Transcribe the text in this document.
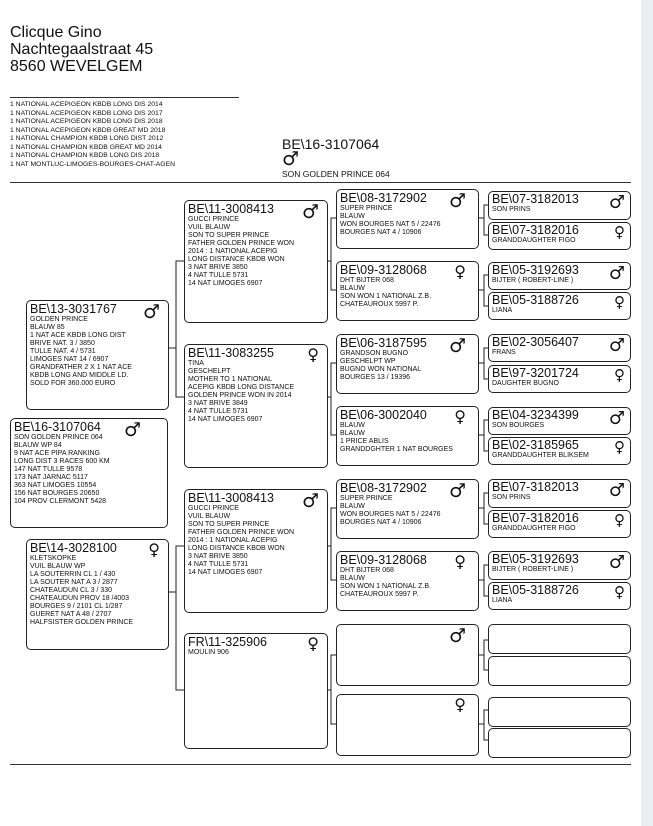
Clicque Gino
Nachtegaalstraat 45
8560 WEVELGEM
1 NATIONAL ACEPIGEON KBDB LONG DIS 2014
1 NATIONAL ACEPIGEON KBDB LONG DIS 2017
1 NATIONAL ACEPIGEON KBDB LONG DIS 2018
1 NATIONAL ACEPIGEON KBDB GREAT MD 2018
1 NATIONAL CHAMPION KBDB LONG DIST 2012
1 NATIONAL CHAMPION KBDB GREAT MD 2014
1 NATIONAL CHAMPION KBDB LONG DIS 2018
1 NAT MONTLUC-LIMOGES-BOURGES-CHAT-AGEN
BE\16-3107064
♂
SON GOLDEN PRINCE 064
BE\13-3031767
GOLDEN PRINCE
BLAUW 85
1 NAT ACE KBDB LONG DIST
BRIVE NAT. 3 / 3850
TULLE NAT. 4 / 5731
LIMOGES NAT 14 / 6907
GRANDFATHER 2 X 1 NAT ACE
KBDB LONG AND MIDDLE LD.
SOLD FOR 360.000 EURO
♂
BE\16-3107064
SON GOLDEN PRINCE 064
BLAUW WP 84
9 NAT ACE PIPA RANKING
LONG DIST 3 RACES 600 KM
147 NAT TULLE 9578
173 NAT JARNAC 5117
363 NAT LIMOGES 10554
156 NAT BOURGES 20650
104 PROV CLERMONT 5428
♂
BE\14-3028100
KLETSKOPKE
VUIL BLAUW WP
LA SOUTERRIN CL 1 / 430
LA SOUTER NAT A 3 / 2877
CHATEAUDUN CL 3 / 330
CHATEAUDUN PROV 18 /4003
BOURGES 9 / 2101 CL 1/287
GUERET NAT A 48 / 2707
HALFSISTER GOLDEN PRINCE
♀
BE\11-3008413
GUCCI PRINCE
VUIL BLAUW
SON TO SUPER PRINCE
FATHER GOLDEN PRINCE WON
2014 : 1 NATIONAL ACEPIG
LONG DISTANCE KBDB WON
3 NAT BRIVE 3850
4 NAT TULLE 5731
14 NAT LIMOGES 6907
♂
BE\11-3083255
TINA
GESCHELPT
MOTHER TO 1 NATIONAL
ACEPIG KBDB LONG DISTANCE
GOLDEN PRINCE WON IN 2014
3 NAT BRIVE 3849
4 NAT TULLE 5731
14 NAT LIMOGES 6907
♀
BE\11-3008413
GUCCI PRINCE
VUIL BLAUW
SON TO SUPER PRINCE
FATHER GOLDEN PRINCE WON
2014 : 1 NATIONAL ACEPIG
LONG DISTANCE KBDB WON
3 NAT BRIVE 3850
4 NAT TULLE 5731
14 NAT LIMOGES 6907
♂
FR\11-325906
MOULIN 906	♀
BE\08-3172902
SUPER PRINCE
BLAUW
WON BOURGES NAT 5 / 22476
BOURGES NAT 4 / 10906
♂
BE\09-3128068
DHT BIJTER 068
BLAUW
SON WON 1 NATIONAL Z.B.
CHATEAUROUX 5997 P.
♀
BE\06-3187595
GRANDSON BUGNO
GESCHELPT WP
BUGNO WON NATIONAL
BOURGES 13 / 19396
♂
BE\06-3002040
BLAUW
BLAUW
1 PRICE ABLIS
GRANDDGHTER 1 NAT BOURGES
♀
BE\08-3172902
SUPER PRINCE
BLAUW
WON BOURGES NAT 5 / 22476
BOURGES NAT 4 / 10906
♂
BE\09-3128068
DHT BIJTER 068
BLAUW
SON WON 1 NATIONAL Z.B.
CHATEAUROUX 5997 P.
♀
♂
♀
BE\07-3182013
SON PRINS	♂
BE\07-3182016
GRANDDAUGHTER FIGO	♀
BE\05-3192693
BIJTER ( ROBERT-LINE )	♂
BE\05-3188726
LIANA	♀
BE\02-3056407
FRANS	♂
BE\97-3201724
DAUGHTER BUGNO	♀
BE\04-3234399
SON BOURGES	♂
BE\02-3185965
GRANDDAUGHTER BLIKSEM	♀
BE\07-3182013
SON PRINS	♂
BE\07-3182016
GRANDDAUGHTER FIGO	♀
BE\05-3192693
BIJTER ( ROBERT-LINE )	♂
BE\05-3188726
LIANA	♀
